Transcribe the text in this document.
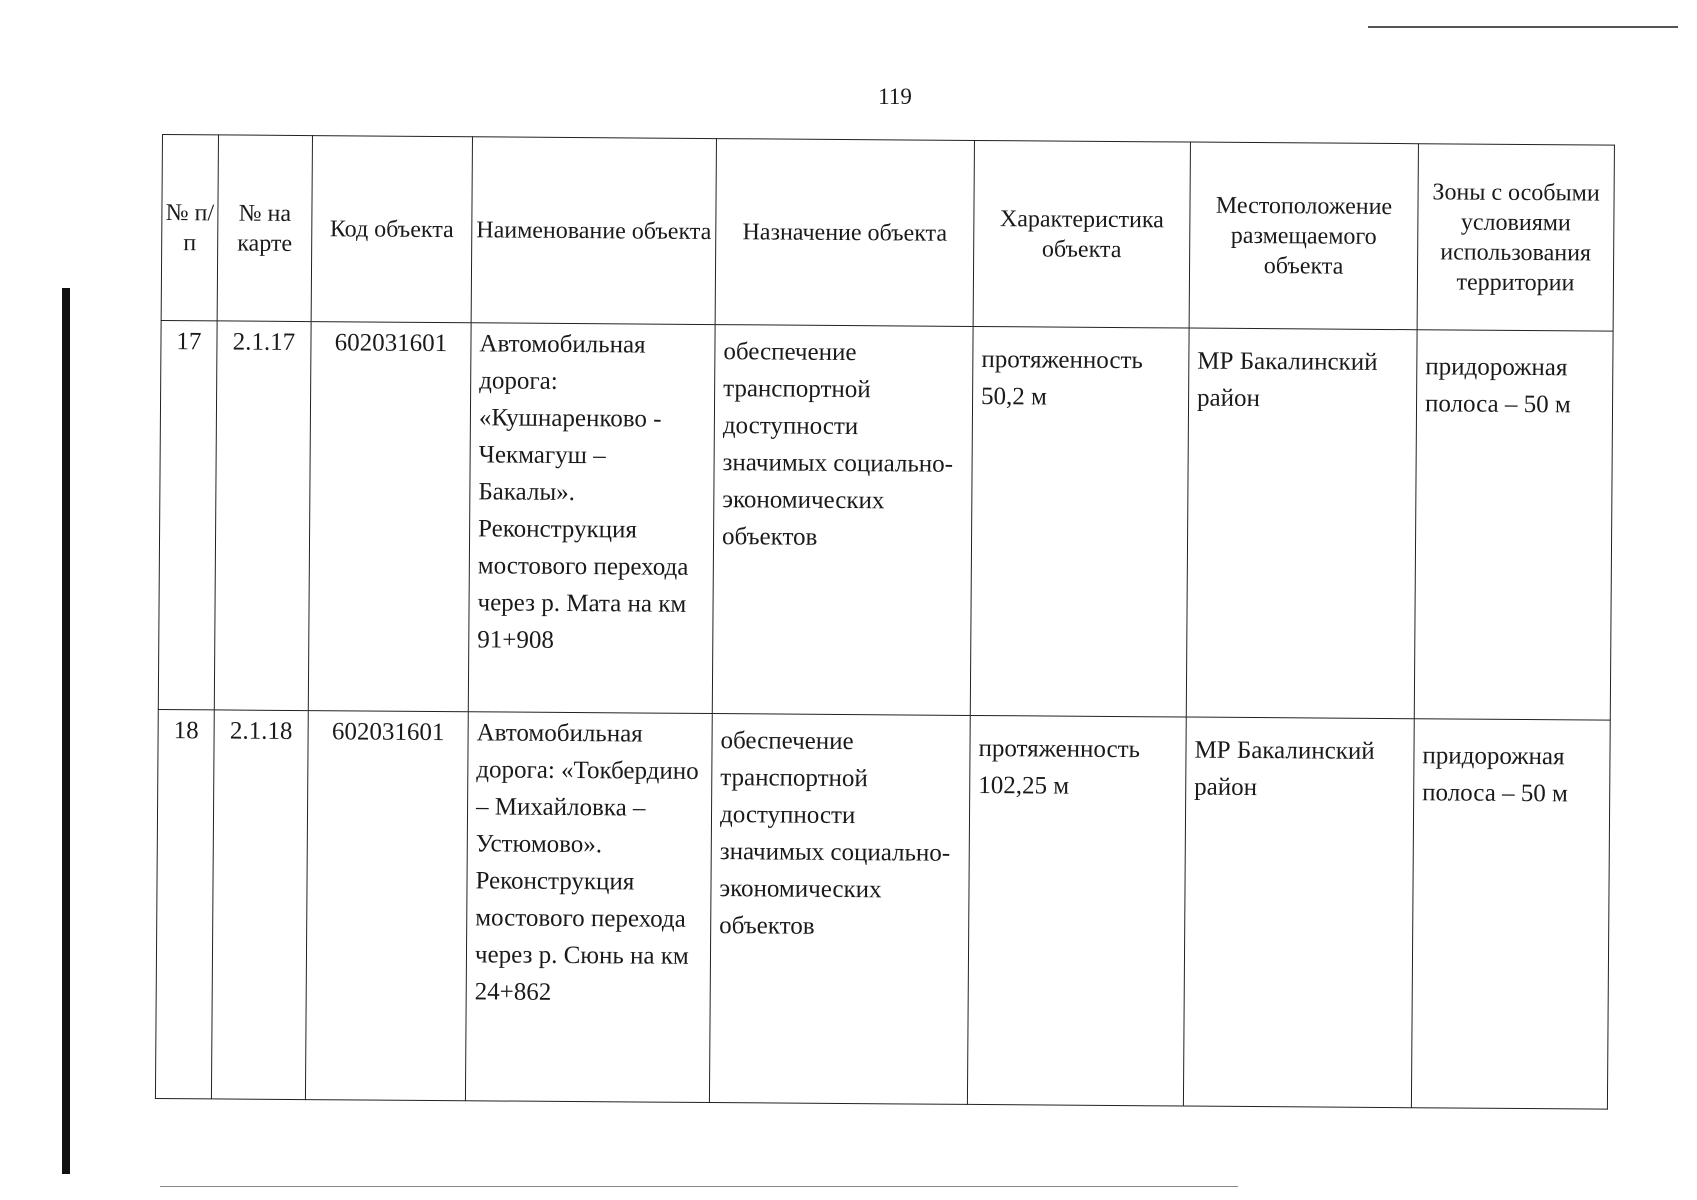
119
№ п/п	№ на карте	Код объекта	Наименование объекта	Назначение объекта	Характеристика объекта	Местоположение размещаемого объекта	Зоны с особыми условиями использования территории
17	2.1.17	602031601	Автомобильная дорога: «Кушнаренково - Чекмагуш – Бакалы». Реконструкция мостового перехода через р. Мата на км 91+908	обеспечение транспортной доступности значимых социально-экономических объектов	протяженность 50,2 м	МР Бакалинский район	придорожная полоса – 50 м
18	2.1.18	602031601	Автомобильная дорога: «Токбердино – Михайловка – Устюмово». Реконструкция мостового перехода через р. Сюнь на км 24+862	обеспечение транспортной доступности значимых социально-экономических объектов	протяженность 102,25 м	МР Бакалинский район	придорожная полоса – 50 м
